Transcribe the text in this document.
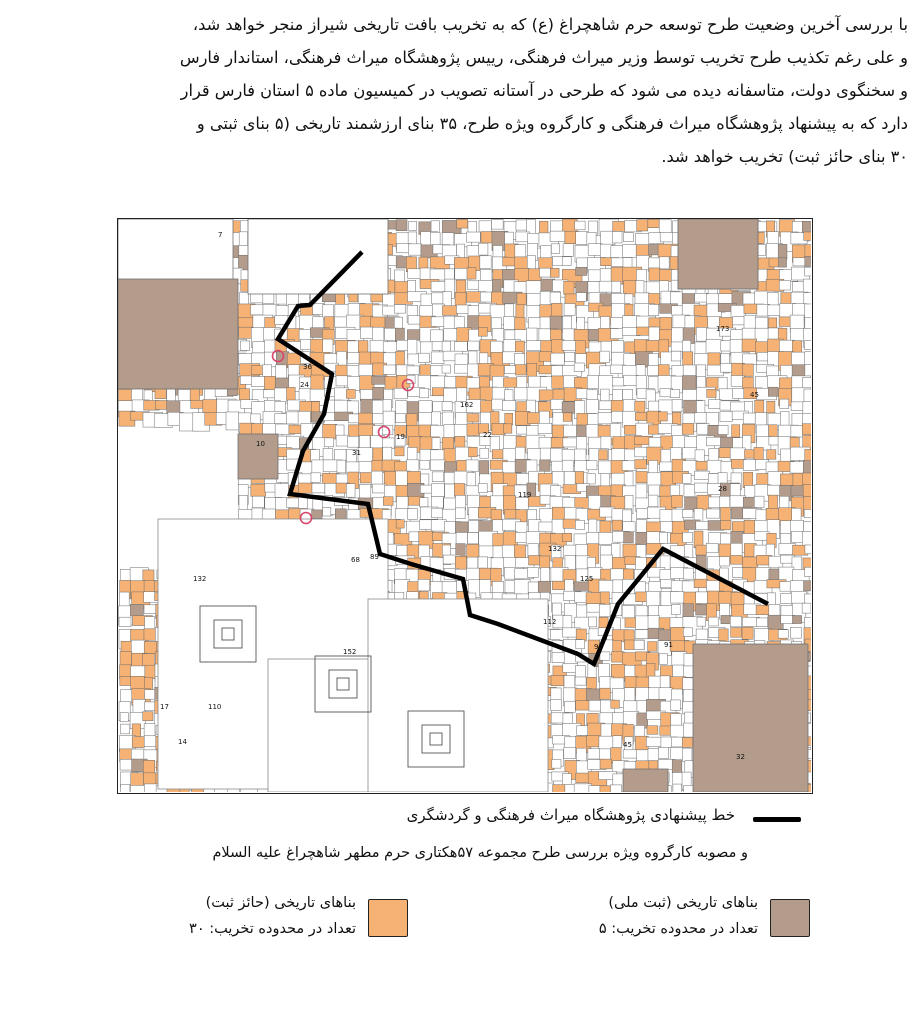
با بررسی آخرین وضعیت طرح توسعه حرم شاهچراغ (ع) که به تخریب بافت تاریخی شیراز منجر خواهد شد،

و علی رغم تکذیب طرح تخریب توسط وزیر میراث فرهنگی، رییس پژوهشگاه میراث فرهنگی، استاندار فارس

و سخنگوی دولت، متاسفانه دیده می شود که طرحی در آستانه تصویب در کمیسیون ماده ۵ استان فارس قرار

دارد که به پیشنهاد پژوهشگاه میراث فرهنگی و کارگروه ویژه طرح، ۳۵ بنای ارزشمند تاریخی (۵ بنای ثبتی و

۳۰ بنای حائز ثبت) تخریب خواهد شد.

7
173
45
24
162
22
36
28
132
152
110
32
125
98	91
14
17
10
31
68 89
112
119
132
45
19
خط پیشنهادی پژوهشگاه میراث فرهنگی و گردشگری
و مصوبه کارگروه ویژه بررسی طرح مجموعه ۵۷هکتاری حرم مطهر شاهچراغ علیه السلام
بناهای تاریخی (ثبت ملی)
تعداد در محدوده تخریب: ۵
بناهای تاریخی (حائز ثبت)
تعداد در محدوده تخریب: ۳۰
